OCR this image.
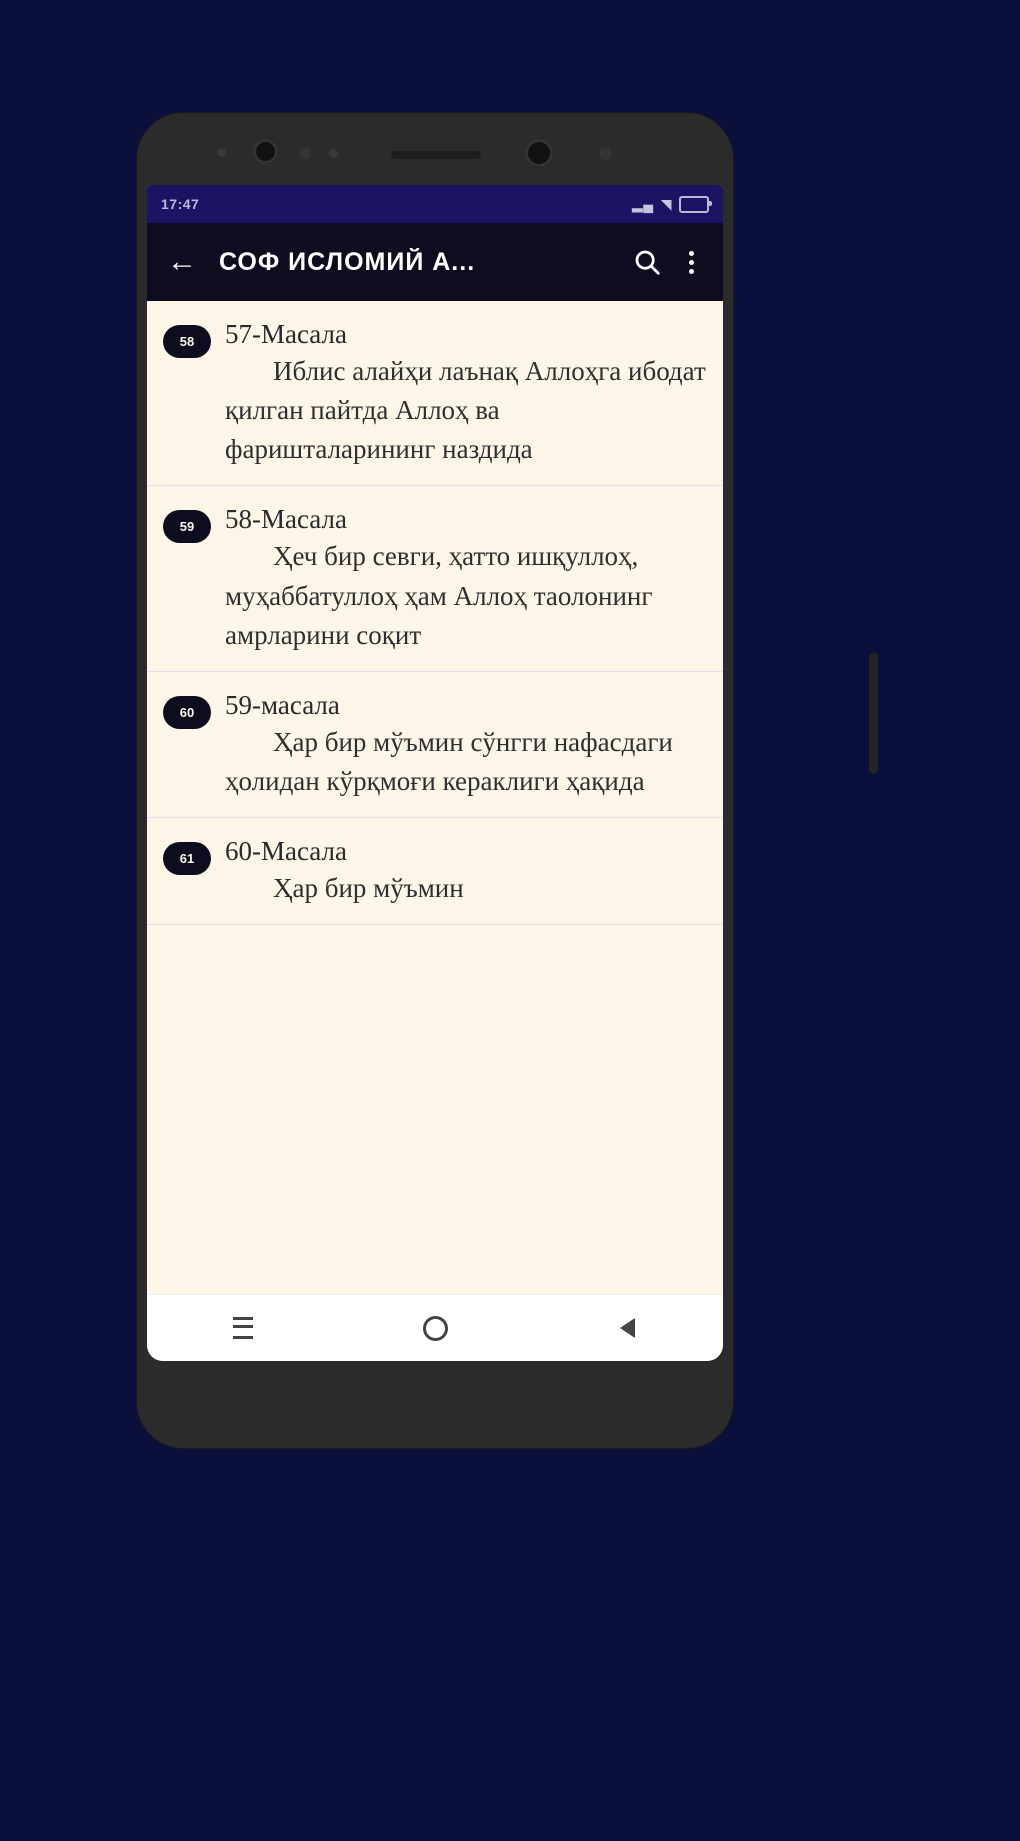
17:47	▂▄ ◥
← СОФ ИСЛОМИЙ А...
58	57-Масала
Иблис алайҳи лаънақ Аллоҳга ибодат қилган пайтда Аллоҳ ва фаришталарининг наздида
59	58-Масала
Ҳеч бир севги, ҳатто ишқуллоҳ, муҳаббатуллоҳ ҳам Аллоҳ таолонинг амрларини соқит
60	59-масала
Ҳар бир мўъмин сўнгги нафасдаги ҳолидан кўрқмоғи кераклиги ҳақида
61	60-Масала
Ҳар бир мўъмин
